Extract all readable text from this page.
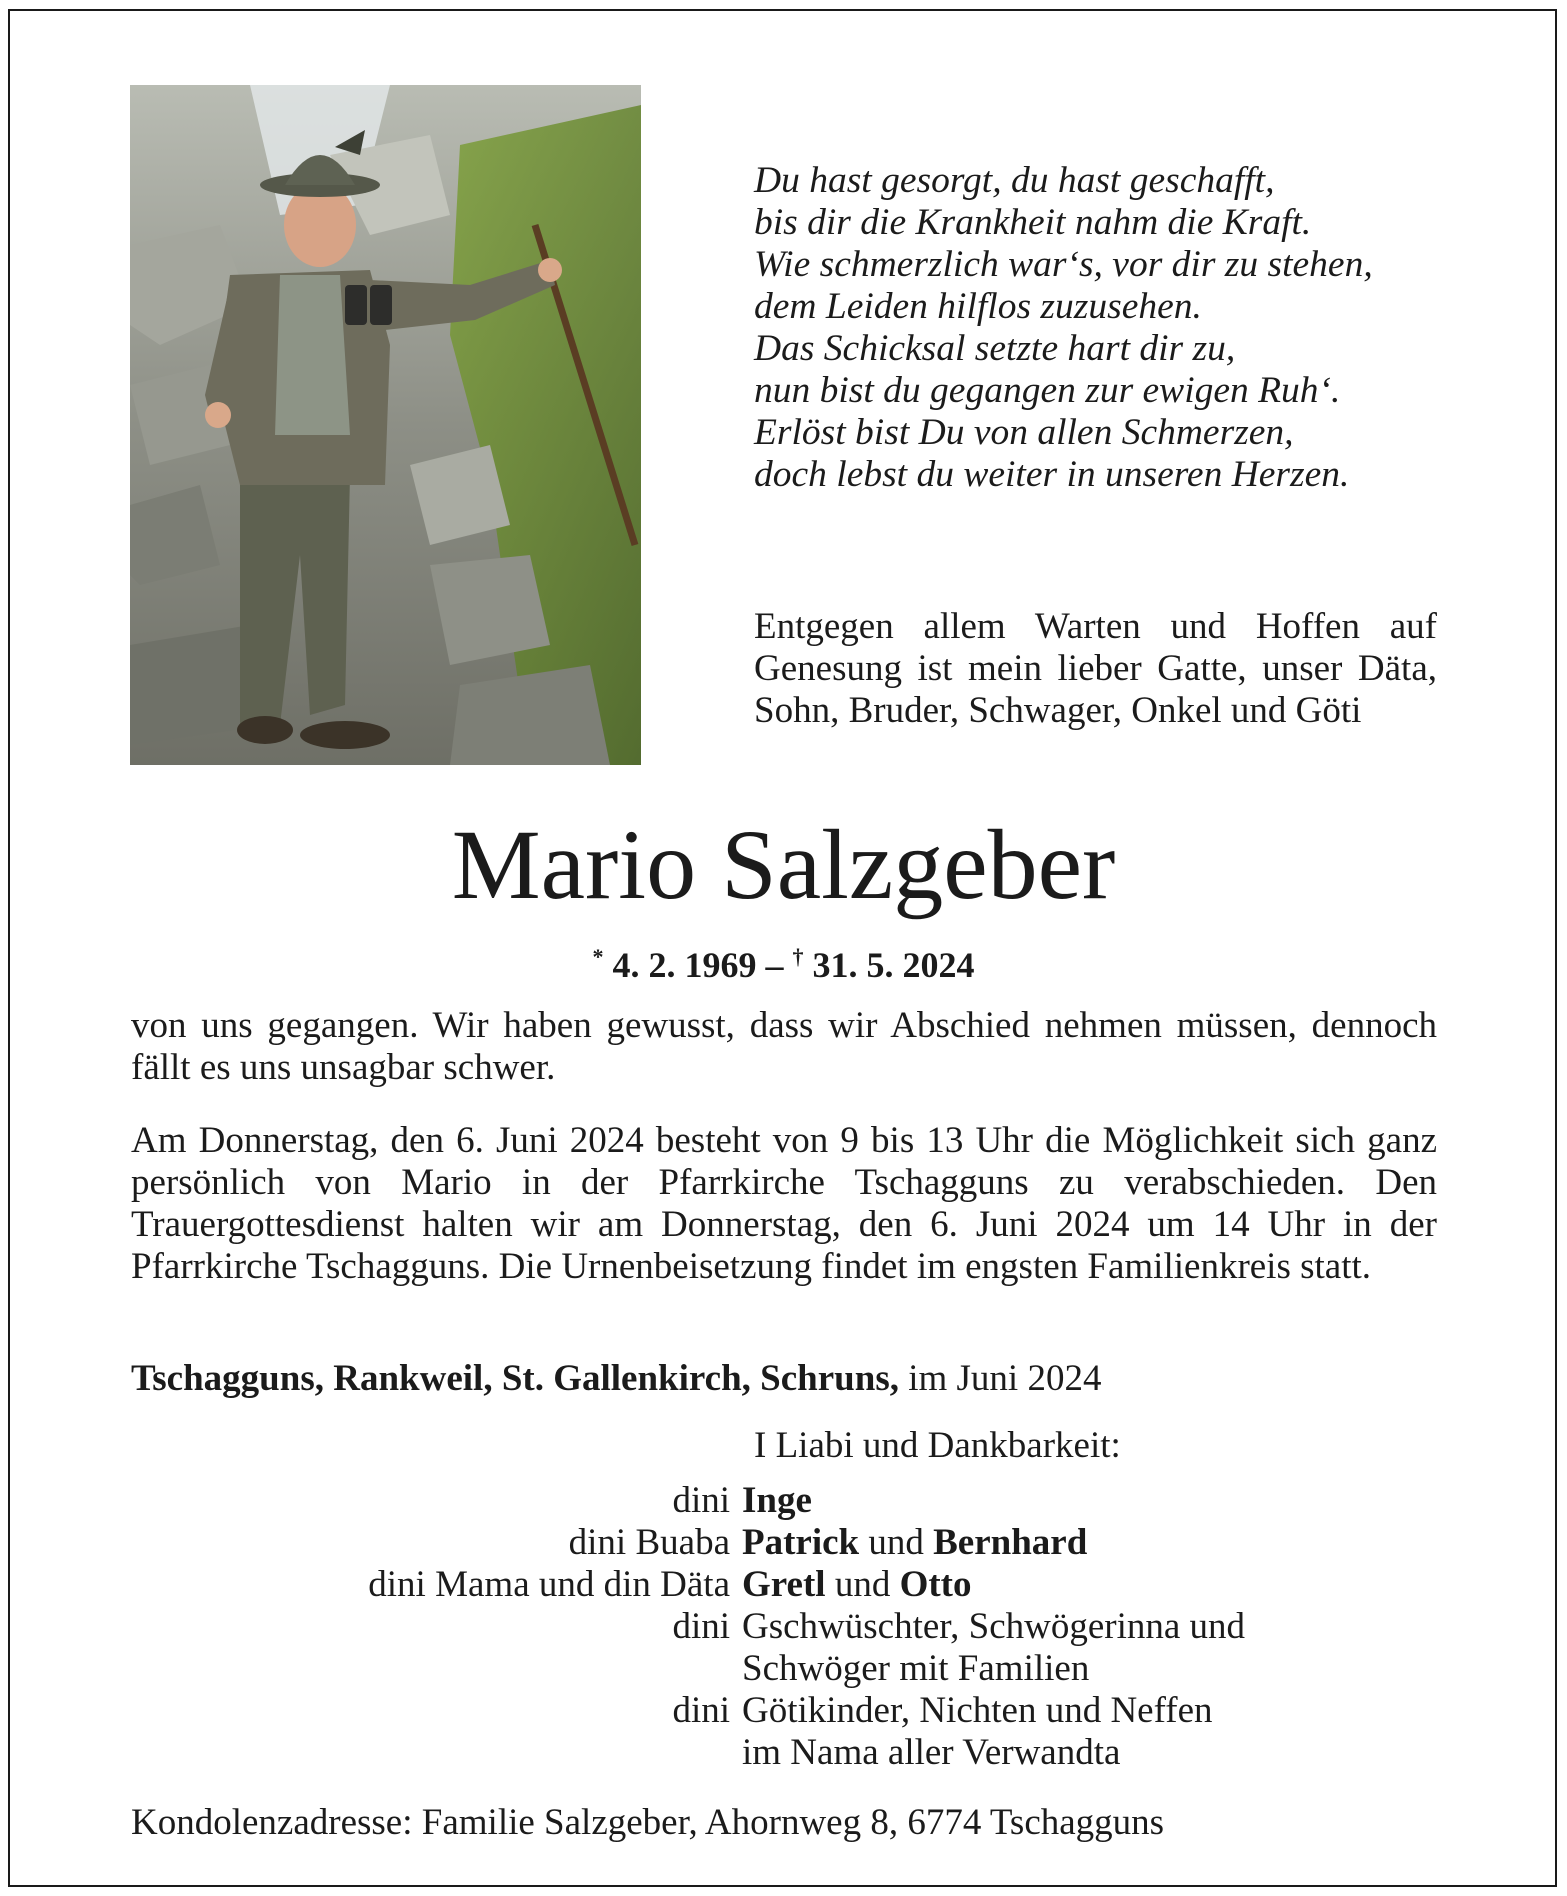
Du hast gesorgt, du hast geschafft,
bis dir die Krankheit nahm die Kraft.
Wie schmerzlich war‘s, vor dir zu stehen,
dem Leiden hilflos zuzusehen.
Das Schicksal setzte hart dir zu,
nun bist du gegangen zur ewigen Ruh‘.
Erlöst bist Du von allen Schmerzen,
doch lebst du weiter in unseren Herzen.

Entgegen allem Warten und Hoffen auf Genesung ist mein lieber Gatte, unser Däta, Sohn, Bruder, Schwager, Onkel und Göti

Mario Salzgeber
* 4. 2. 1969 – † 31. 5. 2024

von uns gegangen. Wir haben gewusst, dass wir Abschied nehmen müssen, dennoch fällt es uns unsagbar schwer.

Am Donnerstag, den 6. Juni 2024 besteht von 9 bis 13 Uhr die Möglichkeit sich ganz persönlich von Mario in der Pfarrkirche Tschagguns zu verabschieden. Den Trauergottesdienst halten wir am Donnerstag, den 6. Juni 2024 um 14 Uhr in der Pfarrkirche Tschagguns. Die Urnenbeisetzung findet im engsten Familienkreis statt.

Tschagguns, Rankweil, St. Gallenkirch, Schruns, im Juni 2024
I Liabi und Dankbarkeit:
dini Inge
dini Buaba Patrick und Bernhard
dini Mama und din Däta Gretl und Otto
dini Gschwüschter, Schwögerinna und
Schwöger mit Familien
dini Götikinder, Nichten und Neffen
im Nama aller Verwandta
Kondolenzadresse: Familie Salzgeber, Ahornweg 8, 6774 Tschagguns
